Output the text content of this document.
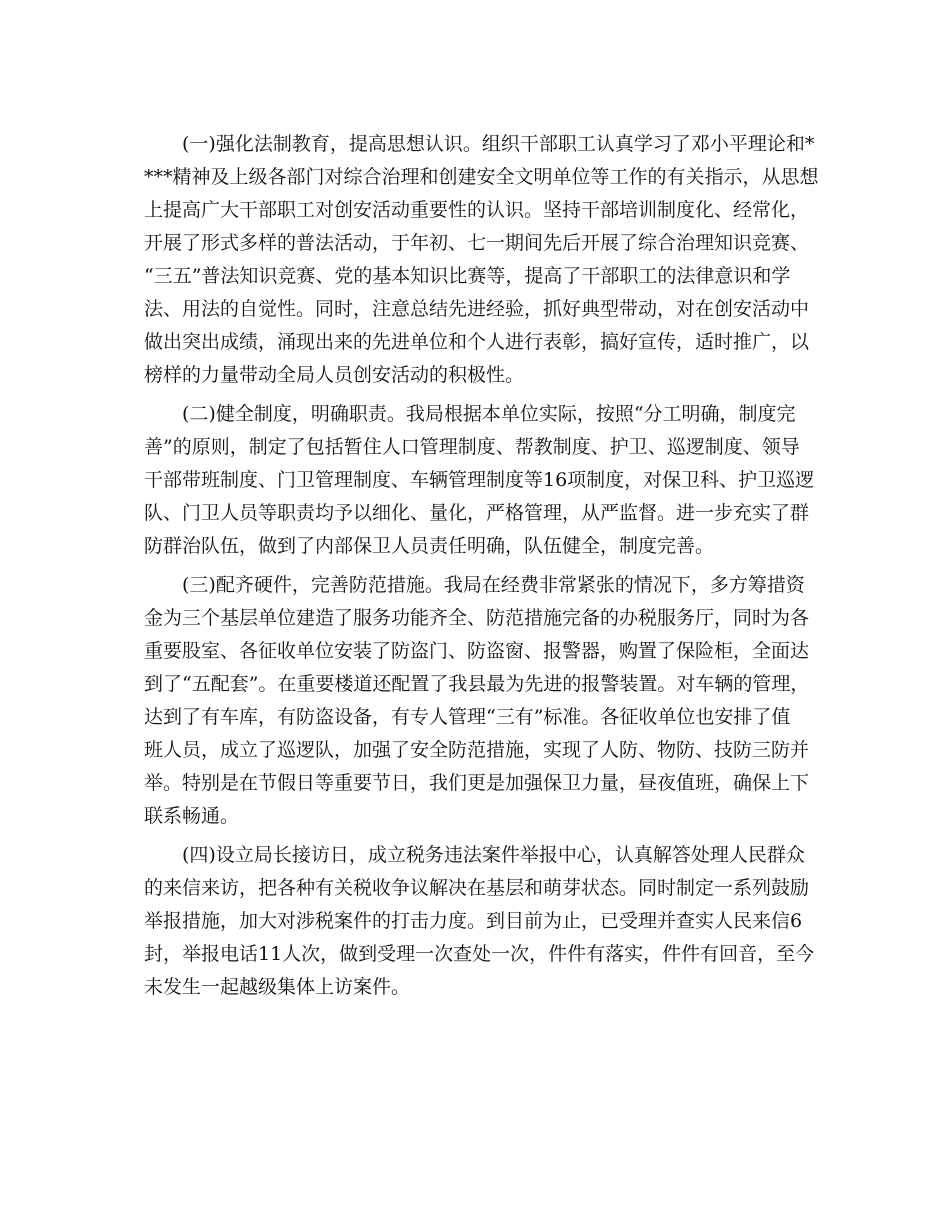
(一)强化法制教育，提高思想认识。组织干部职工认真学习了邓小平理论和*
***精神及上级各部门对综合治理和创建安全文明单位等工作的有关指示，从思想
上提高广大干部职工对创安活动重要性的认识。坚持干部培训制度化、经常化，
开展了形式多样的普法活动，于年初、七一期间先后开展了综合治理知识竞赛、
“三五”普法知识竞赛、党的基本知识比赛等，提高了干部职工的法律意识和学
法、用法的自觉性。同时，注意总结先进经验，抓好典型带动，对在创安活动中
做出突出成绩，涌现出来的先进单位和个人进行表彰，搞好宣传，适时推广，以
榜样的力量带动全局人员创安活动的积极性。
(二)健全制度，明确职责。我局根据本单位实际，按照“分工明确，制度完
善”的原则，制定了包括暂住人口管理制度、帮教制度、护卫、巡逻制度、领导
干部带班制度、门卫管理制度、车辆管理制度等16项制度，对保卫科、护卫巡逻
队、门卫人员等职责均予以细化、量化，严格管理，从严监督。进一步充实了群
防群治队伍，做到了内部保卫人员责任明确，队伍健全，制度完善。
(三)配齐硬件，完善防范措施。我局在经费非常紧张的情况下，多方筹措资
金为三个基层单位建造了服务功能齐全、防范措施完备的办税服务厅，同时为各
重要股室、各征收单位安装了防盗门、防盗窗、报警器，购置了保险柜，全面达
到了“五配套”。在重要楼道还配置了我县最为先进的报警装置。对车辆的管理，
达到了有车库，有防盗设备，有专人管理“三有”标准。各征收单位也安排了值
班人员，成立了巡逻队，加强了安全防范措施，实现了人防、物防、技防三防并
举。特别是在节假日等重要节日，我们更是加强保卫力量，昼夜值班，确保上下
联系畅通。
(四)设立局长接访日，成立税务违法案件举报中心，认真解答处理人民群众
的来信来访，把各种有关税收争议解决在基层和萌芽状态。同时制定一系列鼓励
举报措施，加大对涉税案件的打击力度。到目前为止，已受理并查实人民来信6
封，举报电话11人次，做到受理一次查处一次，件件有落实，件件有回音，至今
未发生一起越级集体上访案件。
